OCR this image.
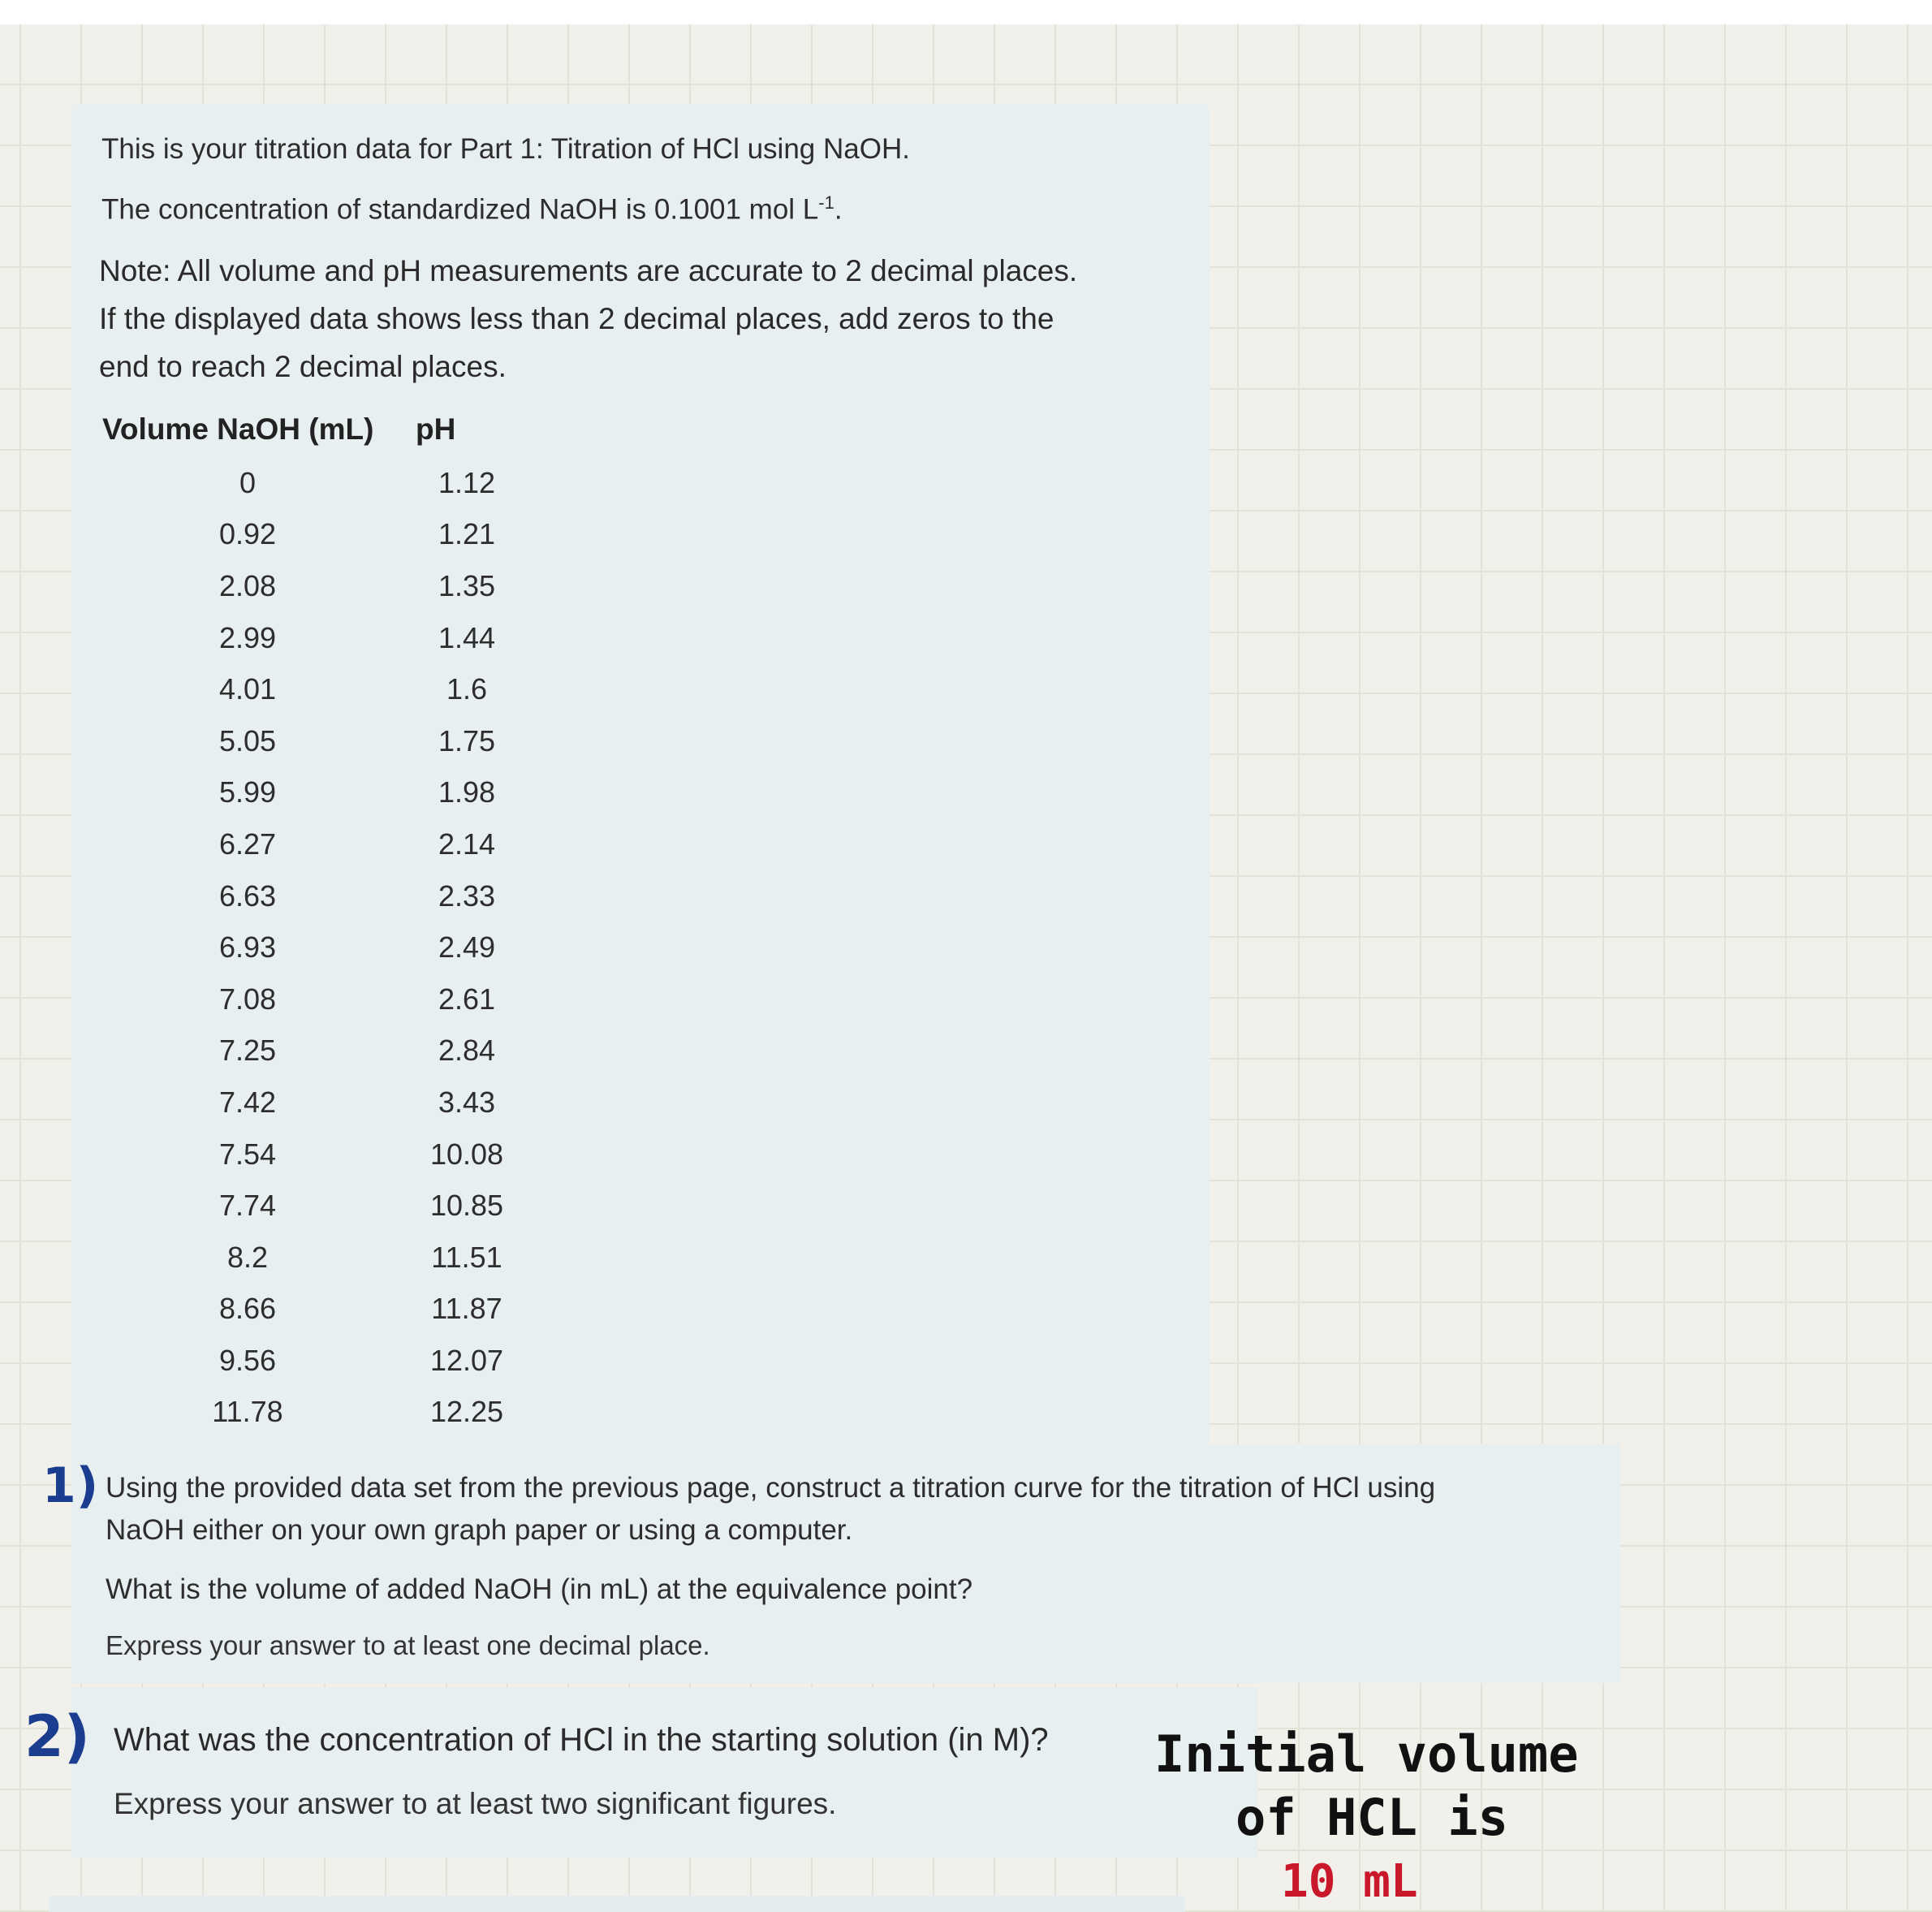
This is your titration data for Part 1: Titration of HCl using NaOH.
The concentration of standardized NaOH is 0.1001 mol $L^{-1}$.
Note: All volume and pH measurements are accurate to 2 decimal places.
If the displayed data shows less than 2 decimal places, add zeros to the
end to reach 2 decimal places.
Volume NaOH (mL) pH
0	1.12
0.92	1.21
2.08	1.35
2.99	1.44
4.01	1.6
5.05	1.75
5.99	1.98
6.27	2.14
6.63	2.33
6.93	2.49
7.08	2.61
7.25	2.84
7.42	3.43
7.54	10.08
7.74	10.85
8.2	11.51
8.66	11.87
9.56	12.07
11.78	12.25
1) Using the provided data set from the previous page, construct a titration curve for the titration of HCl using
NaOH either on your own graph paper or using a computer.
What is the volume of added NaOH (in mL) at the equivalence point?
Express your answer to at least one decimal place.
2) What was the concentration of HCl in the starting solution (in M)?
Express your answer to at least two significant figures.
Initial volume
of HCL is
10 mL
